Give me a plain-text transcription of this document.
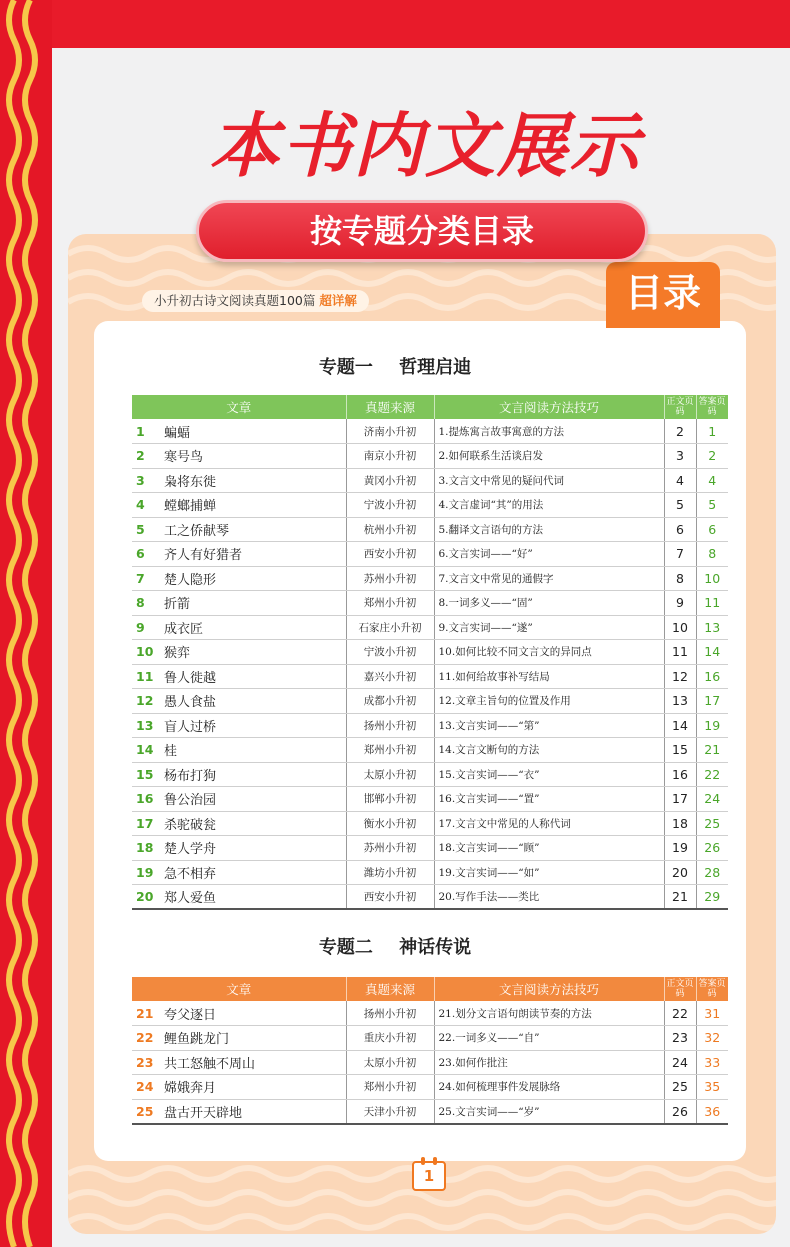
本书内文展示
按专题分类目录
小升初古诗文阅读真题100篇 超详解	目录
专题一 哲理启迪
文章		真题来源	文言阅读方法技巧	正文页码	答案页码
1	蝙蝠	济南小升初	1.提炼寓言故事寓意的方法	2	1
2	寒号鸟	南京小升初	2.如何联系生活谈启发	3	2
3	枭将东徙	黄冈小升初	3.文言文中常见的疑问代词	4	4
4	螳螂捕蝉	宁波小升初	4.文言虚词“其”的用法	5	5
5	工之侨献琴	杭州小升初	5.翻译文言语句的方法	6	6
6	齐人有好猎者	西安小升初	6.文言实词——“好”	7	8
7	楚人隐形	苏州小升初	7.文言文中常见的通假字	8	10
8	折箭	郑州小升初	8.一词多义——“固”	9	11
9	成衣匠	石家庄小升初	9.文言实词——“遂”	10	13
10	猴弈	宁波小升初	10.如何比较不同文言文的异同点	11	14
11	鲁人徙越	嘉兴小升初	11.如何给故事补写结局	12	16
12	愚人食盐	成都小升初	12.文章主旨句的位置及作用	13	17
13	盲人过桥	扬州小升初	13.文言实词——“第”	14	19
14	桂	郑州小升初	14.文言文断句的方法	15	21
15	杨布打狗	太原小升初	15.文言实词——“衣”	16	22
16	鲁公治园	邯郸小升初	16.文言实词——“置”	17	24
17	杀驼破瓮	衡水小升初	17.文言文中常见的人称代词	18	25
18	楚人学舟	苏州小升初	18.文言实词——“顾”	19	26
19	急不相弃	潍坊小升初	19.文言实词——“如”	20	28
20	郑人爱鱼	西安小升初	20.写作手法——类比	21	29
专题二 神话传说
文章		真题来源	文言阅读方法技巧	正文页码	答案页码
21	夸父逐日	扬州小升初	21.划分文言语句朗读节奏的方法	22	31
22	鲤鱼跳龙门	重庆小升初	22.一词多义——“自”	23	32
23	共工怒触不周山	太原小升初	23.如何作批注	24	33
24	嫦娥奔月	郑州小升初	24.如何梳理事件发展脉络	25	35
25	盘古开天辟地	天津小升初	25.文言实词——“岁”	26	36
1
